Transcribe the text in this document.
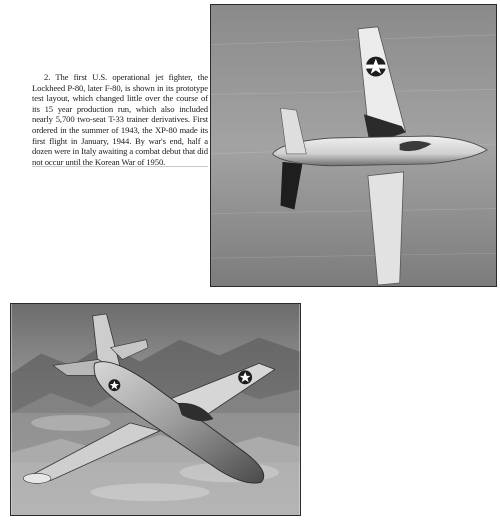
2. The first U.S. operational jet fighter, the Lockheed P-80, later F-80, is shown in its prototype test layout, which changed little over the course of its 15 year production run, which also included nearly 5,700 two-seat T-33 trainer derivatives. First ordered in the summer of 1943, the XP-80 made its first flight in January, 1944. By war's end, half a dozen were in Italy awaiting a combat debut that did not occur until the Korean War of 1950.
